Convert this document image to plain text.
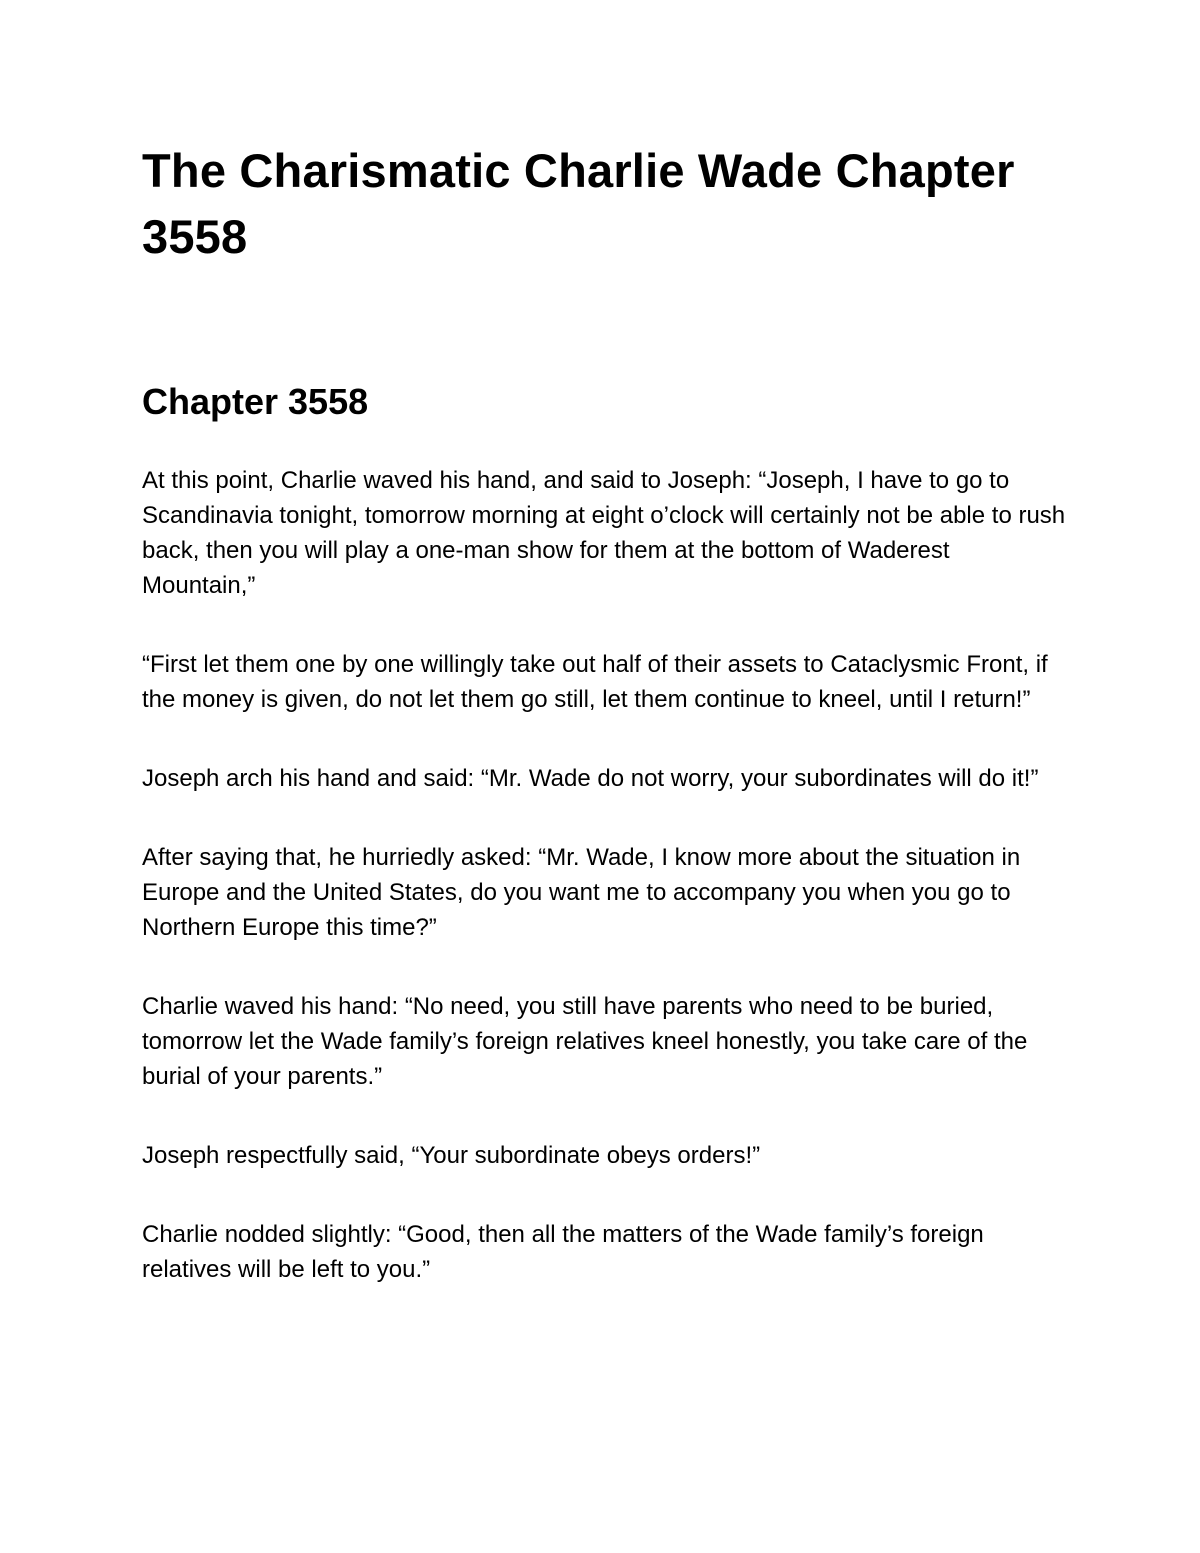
The Charismatic Charlie Wade Chapter 3558
Chapter 3558

At this point, Charlie waved his hand, and said to Joseph: “Joseph, I have to go to Scandinavia tonight, tomorrow morning at eight o’clock will certainly not be able to rush back, then you will play a one-man show for them at the bottom of Waderest Mountain,”

“First let them one by one willingly take out half of their assets to Cataclysmic Front, if the money is given, do not let them go still, let them continue to kneel, until I return!”

Joseph arch his hand and said: “Mr. Wade do not worry, your subordinates will do it!”

After saying that, he hurriedly asked: “Mr. Wade, I know more about the situation in Europe and the United States, do you want me to accompany you when you go to Northern Europe this time?”

Charlie waved his hand: “No need, you still have parents who need to be buried, tomorrow let the Wade family’s foreign relatives kneel honestly, you take care of the burial of your parents.”

Joseph respectfully said, “Your subordinate obeys orders!”

Charlie nodded slightly: “Good, then all the matters of the Wade family’s foreign relatives will be left to you.”
